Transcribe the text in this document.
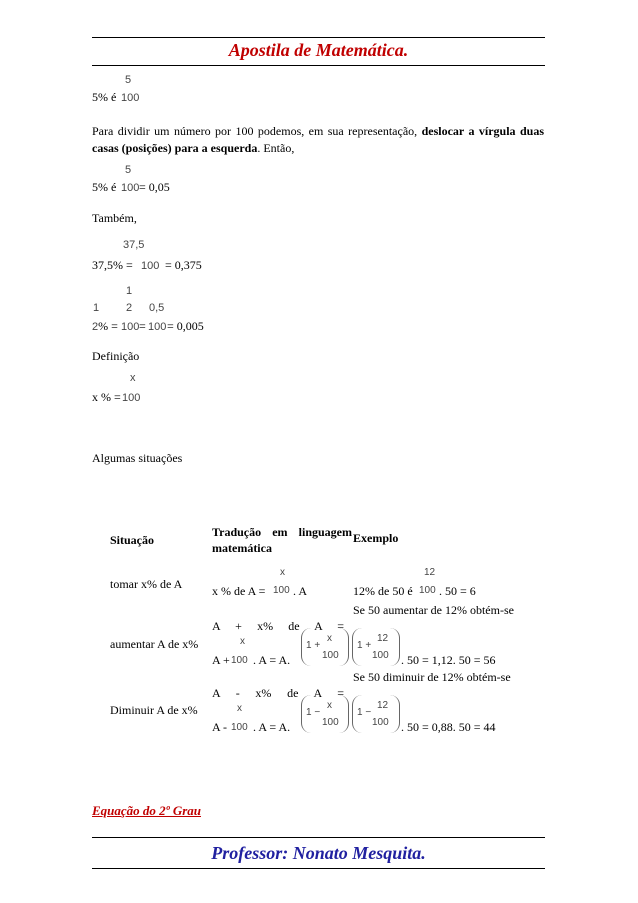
Apostila de Matemática.
5
5% é 100
Para dividir um número por 100 podemos, em sua representação, deslocar a vírgula duas casas (posições) para a esquerda. Então,
5
5% é 100 = 0,05
Também,
37,5
37,5% = 100 = 0,375
1
1 2 0,5
2% = 100 = 100 = 0,005
Definição
x
x % = 100
Algumas situações
Situação
Tradução em linguagem matemática
Exemplo
tomar x% de A
x
x % de A = 100 . A
12
12% de 50 é 100 . 50 = 6
Se 50 aumentar de 12% obtém-se
A + x% de A =
aumentar A de x%	x
A + 100 . A = A.
1 +
x
100
1 +
12
100 . 50 = 1,12. 50 = 56
Se 50 diminuir de 12% obtém-se
A - x% de A =
Diminuir A de x%	x
A - 100 . A = A.
1 −
x
100
1 −
12
100 . 50 = 0,88. 50 = 44
Equação do 2º Grau
Professor: Nonato Mesquita.
